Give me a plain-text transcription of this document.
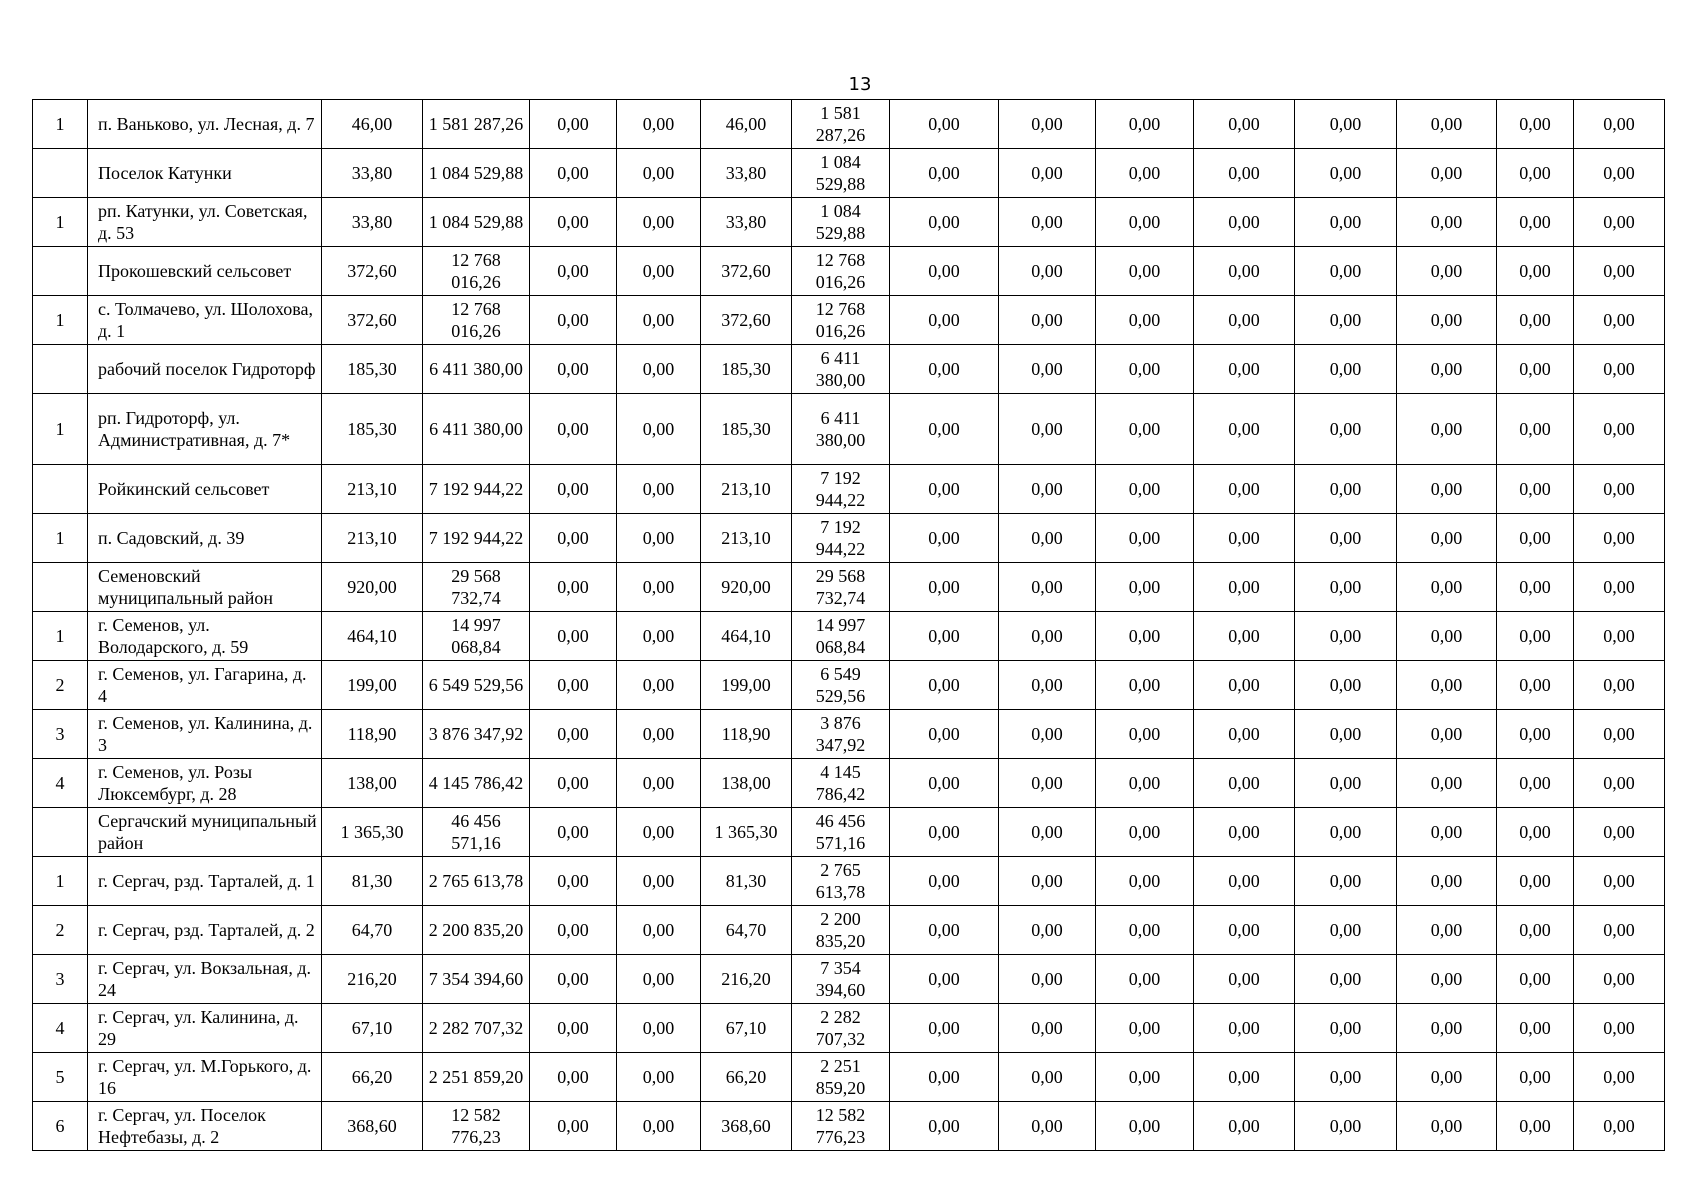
13
1	п. Ваньково, ул. Лесная, д. 7	46,00	1 581 287,26	0,00	0,00	46,00	1 581 287,26	0,00	0,00	0,00	0,00	0,00	0,00	0,00	0,00
	Поселок Катунки	33,80	1 084 529,88	0,00	0,00	33,80	1 084 529,88	0,00	0,00	0,00	0,00	0,00	0,00	0,00	0,00
1	рп. Катунки, ул. Советская, д. 53	33,80	1 084 529,88	0,00	0,00	33,80	1 084 529,88	0,00	0,00	0,00	0,00	0,00	0,00	0,00	0,00
	Прокошевский сельсовет	372,60	12 768 016,26	0,00	0,00	372,60	12 768 016,26	0,00	0,00	0,00	0,00	0,00	0,00	0,00	0,00
1	с. Толмачево, ул. Шолохова, д. 1	372,60	12 768 016,26	0,00	0,00	372,60	12 768 016,26	0,00	0,00	0,00	0,00	0,00	0,00	0,00	0,00
	рабочий поселок Гидроторф	185,30	6 411 380,00	0,00	0,00	185,30	6 411 380,00	0,00	0,00	0,00	0,00	0,00	0,00	0,00	0,00
1	рп. Гидроторф, ул. Административная, д. 7*	185,30	6 411 380,00	0,00	0,00	185,30	6 411 380,00	0,00	0,00	0,00	0,00	0,00	0,00	0,00	0,00
	Ройкинский сельсовет	213,10	7 192 944,22	0,00	0,00	213,10	7 192 944,22	0,00	0,00	0,00	0,00	0,00	0,00	0,00	0,00
1	п. Садовский, д. 39	213,10	7 192 944,22	0,00	0,00	213,10	7 192 944,22	0,00	0,00	0,00	0,00	0,00	0,00	0,00	0,00
	Семеновский муниципальный район	920,00	29 568 732,74	0,00	0,00	920,00	29 568 732,74	0,00	0,00	0,00	0,00	0,00	0,00	0,00	0,00
1	г. Семенов, ул. Володарского, д. 59	464,10	14 997 068,84	0,00	0,00	464,10	14 997 068,84	0,00	0,00	0,00	0,00	0,00	0,00	0,00	0,00
2	г. Семенов, ул. Гагарина, д. 4	199,00	6 549 529,56	0,00	0,00	199,00	6 549 529,56	0,00	0,00	0,00	0,00	0,00	0,00	0,00	0,00
3	г. Семенов, ул. Калинина, д. 3	118,90	3 876 347,92	0,00	0,00	118,90	3 876 347,92	0,00	0,00	0,00	0,00	0,00	0,00	0,00	0,00
4	г. Семенов, ул. Розы Люксембург, д. 28	138,00	4 145 786,42	0,00	0,00	138,00	4 145 786,42	0,00	0,00	0,00	0,00	0,00	0,00	0,00	0,00
	Сергачский муниципальный район	1 365,30	46 456 571,16	0,00	0,00	1 365,30	46 456 571,16	0,00	0,00	0,00	0,00	0,00	0,00	0,00	0,00
1	г. Сергач, рзд. Тарталей, д. 1	81,30	2 765 613,78	0,00	0,00	81,30	2 765 613,78	0,00	0,00	0,00	0,00	0,00	0,00	0,00	0,00
2	г. Сергач, рзд. Тарталей, д. 2	64,70	2 200 835,20	0,00	0,00	64,70	2 200 835,20	0,00	0,00	0,00	0,00	0,00	0,00	0,00	0,00
3	г. Сергач, ул. Вокзальная, д. 24	216,20	7 354 394,60	0,00	0,00	216,20	7 354 394,60	0,00	0,00	0,00	0,00	0,00	0,00	0,00	0,00
4	г. Сергач, ул. Калинина, д. 29	67,10	2 282 707,32	0,00	0,00	67,10	2 282 707,32	0,00	0,00	0,00	0,00	0,00	0,00	0,00	0,00
5	г. Сергач, ул. М.Горького, д. 16	66,20	2 251 859,20	0,00	0,00	66,20	2 251 859,20	0,00	0,00	0,00	0,00	0,00	0,00	0,00	0,00
6	г. Сергач, ул. Поселок Нефтебазы, д. 2	368,60	12 582 776,23	0,00	0,00	368,60	12 582 776,23	0,00	0,00	0,00	0,00	0,00	0,00	0,00	0,00
